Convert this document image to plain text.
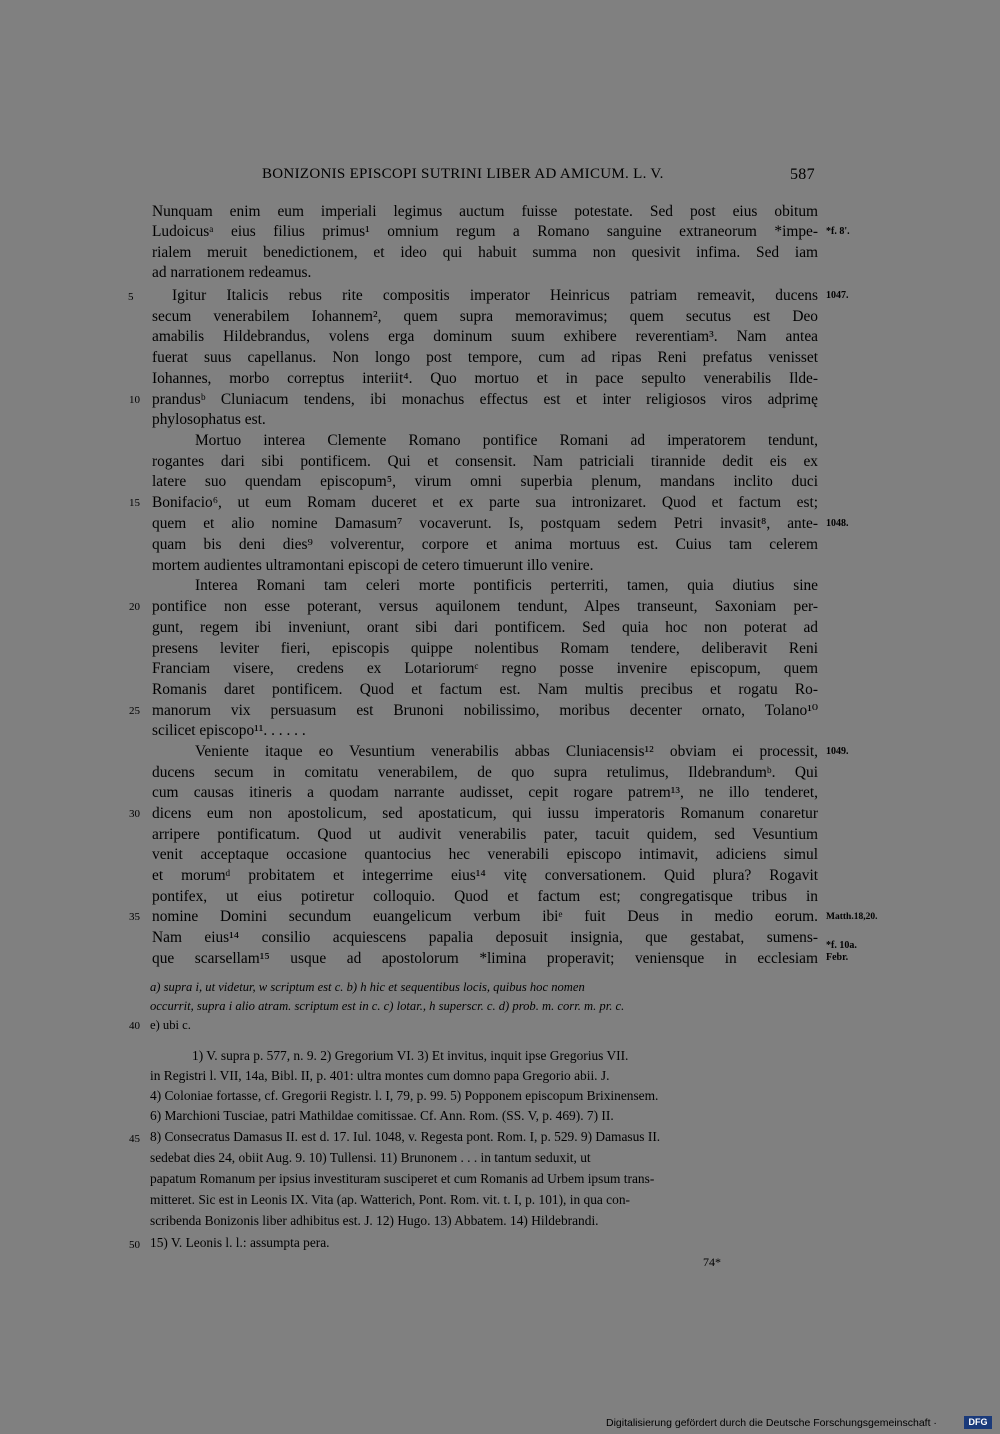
BONIZONIS EPISCOPI SUTRINI LIBER AD AMICUM. L. V.	587
Nunquam enim eum imperiali legimus auctum fuisse potestate. Sed post eius obitum
Ludoicusᵃ eius filius primus¹ omnium regum a Romano sanguine extraneorum *impe-
rialem meruit benedictionem, et ideo qui habuit summa non quesivit infima. Sed iam
ad narrationem redeamus.
Igitur Italicis rebus rite compositis imperator Heinricus patriam remeavit, ducens
secum venerabilem Iohannem², quem supra memoravimus; quem secutus est Deo
amabilis Hildebrandus, volens erga dominum suum exhibere reverentiam³. Nam antea
fuerat suus capellanus. Non longo post tempore, cum ad ripas Reni prefatus venisset
Iohannes, morbo correptus interiit⁴. Quo mortuo et in pace sepulto venerabilis Ilde-
prandusᵇ Cluniacum tendens, ibi monachus effectus est et inter religiosos viros adprimę
phylosophatus est.
Mortuo interea Clemente Romano pontifice Romani ad imperatorem tendunt,
rogantes dari sibi pontificem. Qui et consensit. Nam patriciali tirannide dedit eis ex
latere suo quendam episcopum⁵, virum omni superbia plenum, mandans inclito duci
Bonifacio⁶, ut eum Romam duceret et ex parte sua intronizaret. Quod et factum est;
quem et alio nomine Damasum⁷ vocaverunt. Is, postquam sedem Petri invasit⁸, ante-
quam bis deni dies⁹ volverentur, corpore et anima mortuus est. Cuius tam celerem
mortem audientes ultramontani episcopi de cetero timuerunt illo venire.
Interea Romani tam celeri morte pontificis perterriti, tamen, quia diutius sine
pontifice non esse poterant, versus aquilonem tendunt, Alpes transeunt, Saxoniam per-
gunt, regem ibi inveniunt, orant sibi dari pontificem. Sed quia hoc non poterat ad
presens leviter fieri, episcopis quippe nolentibus Romam tendere, deliberavit Reni
Franciam visere, credens ex Lotariorumᶜ regno posse invenire episcopum, quem
Romanis daret pontificem. Quod et factum est. Nam multis precibus et rogatu Ro-
manorum vix persuasum est Brunoni nobilissimo, moribus decenter ornato, Tolano¹⁰
scilicet episcopo¹¹. . . . . .
Veniente itaque eo Vesuntium venerabilis abbas Cluniacensis¹² obviam ei processit,
ducens secum in comitatu venerabilem, de quo supra retulimus, Ildebrandumᵇ. Qui
cum causas itineris a quodam narrante audisset, cepit rogare patrem¹³, ne illo tenderet,
dicens eum non apostolicum, sed apostaticum, qui iussu imperatoris Romanum conaretur
arripere pontificatum. Quod ut audivit venerabilis pater, tacuit quidem, sed Vesuntium
venit acceptaque occasione quantocius hec venerabili episcopo intimavit, adiciens simul
et morumᵈ probitatem et integerrime eius¹⁴ vitę conversationem. Quid plura? Rogavit
pontifex, ut eius potiretur colloquio. Quod et factum est; congregatisque tribus in
nomine Domini secundum euangelicum verbum ibiᵉ fuit Deus in medio eorum.
Nam eius¹⁴ consilio acquiescens papalia deposuit insignia, que gestabat, sumens-
que scarsellam¹⁵ usque ad apostolorum *limina properavit; veniensque in ecclesiam
5
10
15
20
25
30
35
40
45
50
*f. 8'.
1047.
1048.
1049.
Matth.18,20.
*f. 10a.
Febr.
a) supra i, ut videtur, w scriptum est c. b) h hic et sequentibus locis, quibus hoc nomen
occurrit, supra i alio atram. scriptum est in c. c) lotar., h superscr. c. d) prob. m. corr. m. pr. c.
e) ubi c.
1) V. supra p. 577, n. 9. 2) Gregorium VI. 3) Et invitus, inquit ipse Gregorius VII.
in Registri l. VII, 14a, Bibl. II, p. 401: ultra montes cum domno papa Gregorio abii. J.
4) Coloniae fortasse, cf. Gregorii Registr. l. I, 79, p. 99. 5) Popponem episcopum Brixinensem.
6) Marchioni Tusciae, patri Mathildae comitissae. Cf. Ann. Rom. (SS. V, p. 469). 7) II.
8) Consecratus Damasus II. est d. 17. Iul. 1048, v. Regesta pont. Rom. I, p. 529. 9) Damasus II.
sedebat dies 24, obiit Aug. 9. 10) Tullensi. 11) Brunonem . . . in tantum seduxit, ut
papatum Romanum per ipsius investituram susciperet et cum Romanis ad Urbem ipsum trans-
mitteret. Sic est in Leonis IX. Vita (ap. Watterich, Pont. Rom. vit. t. I, p. 101), in qua con-
scribenda Bonizonis liber adhibitus est. J. 12) Hugo. 13) Abbatem. 14) Hildebrandi.
15) V. Leonis l. l.: assumpta pera.
74*
Digitalisierung gefördert durch die Deutsche Forschungsgemeinschaft ·	DFG
